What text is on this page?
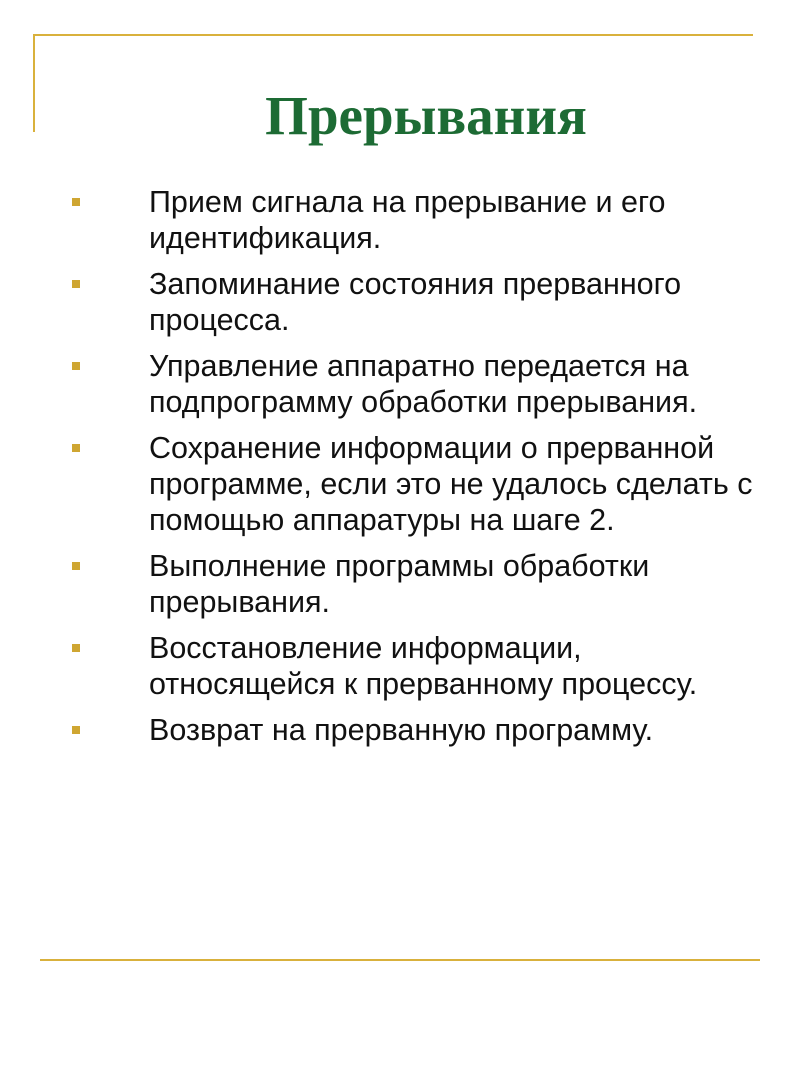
Прерывания
Прием сигнала на прерывание и его идентификация.
Запоминание состояния прерванного процесса.
Управление аппаратно передается на подпрограмму обработки прерывания.
Сохранение информации о прерванной программе, если это не удалось сделать с помощью аппаратуры на шаге 2.
Выполнение программы обработки прерывания.
Восстановление информации, относящейся к прерванному процессу.
Возврат на прерванную программу.
